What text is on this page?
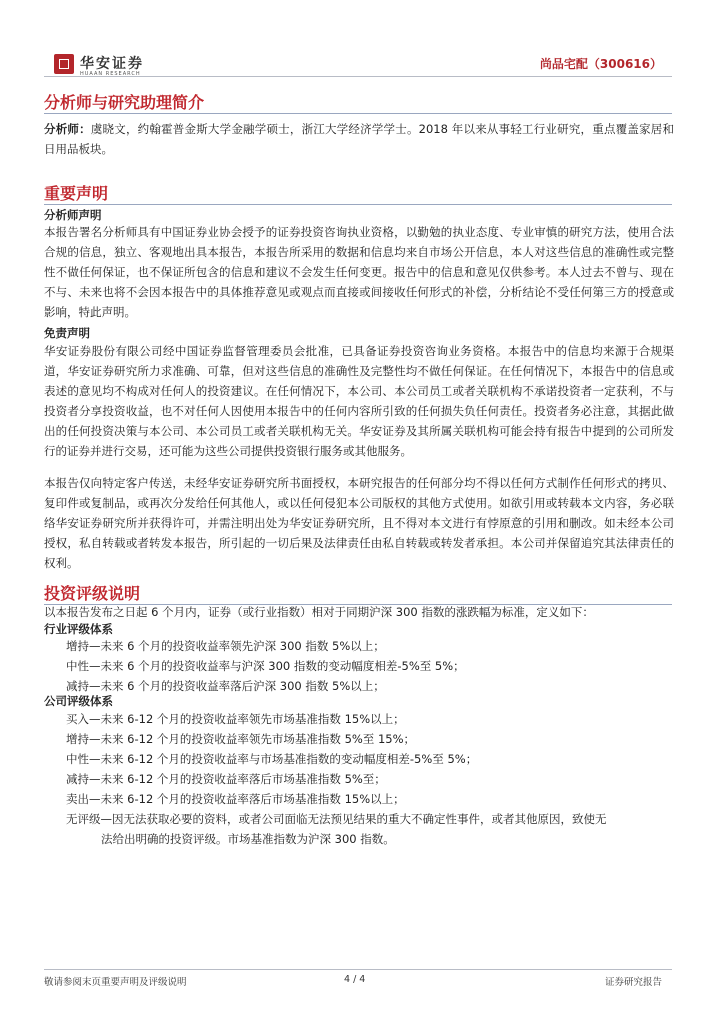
华安证券
HUAAN RESEARCH
尚品宅配（300616）
分析师与研究助理简介
分析师：虞晓文，约翰霍普金斯大学金融学硕士，浙江大学经济学学士。2018 年以来从事轻工行业研究，重点覆盖家居和日用品板块。
重要声明
分析师声明
本报告署名分析师具有中国证券业协会授予的证券投资咨询执业资格，以勤勉的执业态度、专业审慎的研究方法，使用合法合规的信息，独立、客观地出具本报告，本报告所采用的数据和信息均来自市场公开信息，本人对这些信息的准确性或完整性不做任何保证，也不保证所包含的信息和建议不会发生任何变更。报告中的信息和意见仅供参考。本人过去不曾与、现在不与、未来也将不会因本报告中的具体推荐意见或观点而直接或间接收任何形式的补偿，分析结论不受任何第三方的授意或影响，特此声明。
免责声明
华安证券股份有限公司经中国证券监督管理委员会批准，已具备证券投资咨询业务资格。本报告中的信息均来源于合规渠道，华安证券研究所力求准确、可靠，但对这些信息的准确性及完整性均不做任何保证。在任何情况下，本报告中的信息或表述的意见均不构成对任何人的投资建议。在任何情况下，本公司、本公司员工或者关联机构不承诺投资者一定获利，不与投资者分享投资收益，也不对任何人因使用本报告中的任何内容所引致的任何损失负任何责任。投资者务必注意，其据此做出的任何投资决策与本公司、本公司员工或者关联机构无关。华安证券及其所属关联机构可能会持有报告中提到的公司所发行的证券并进行交易，还可能为这些公司提供投资银行服务或其他服务。
本报告仅向特定客户传送，未经华安证券研究所书面授权，本研究报告的任何部分均不得以任何方式制作任何形式的拷贝、复印件或复制品，或再次分发给任何其他人，或以任何侵犯本公司版权的其他方式使用。如欲引用或转载本文内容，务必联络华安证券研究所并获得许可，并需注明出处为华安证券研究所，且不得对本文进行有悖原意的引用和删改。如未经本公司授权，私自转载或者转发本报告，所引起的一切后果及法律责任由私自转载或转发者承担。本公司并保留追究其法律责任的权利。
投资评级说明
以本报告发布之日起 6 个月内，证券（或行业指数）相对于同期沪深 300 指数的涨跌幅为标准，定义如下：
行业评级体系
增持—未来 6 个月的投资收益率领先沪深 300 指数 5%以上；
中性—未来 6 个月的投资收益率与沪深 300 指数的变动幅度相差-5%至 5%；
减持—未来 6 个月的投资收益率落后沪深 300 指数 5%以上；
公司评级体系
买入—未来 6-12 个月的投资收益率领先市场基准指数 15%以上；
增持—未来 6-12 个月的投资收益率领先市场基准指数 5%至 15%；
中性—未来 6-12 个月的投资收益率与市场基准指数的变动幅度相差-5%至 5%；
减持—未来 6-12 个月的投资收益率落后市场基准指数 5%至；
卖出—未来 6-12 个月的投资收益率落后市场基准指数 15%以上；
无评级—因无法获取必要的资料，或者公司面临无法预见结果的重大不确定性事件，或者其他原因，致使无
法给出明确的投资评级。市场基准指数为沪深 300 指数。
敬请参阅末页重要声明及评级说明	4 / 4	证券研究报告
